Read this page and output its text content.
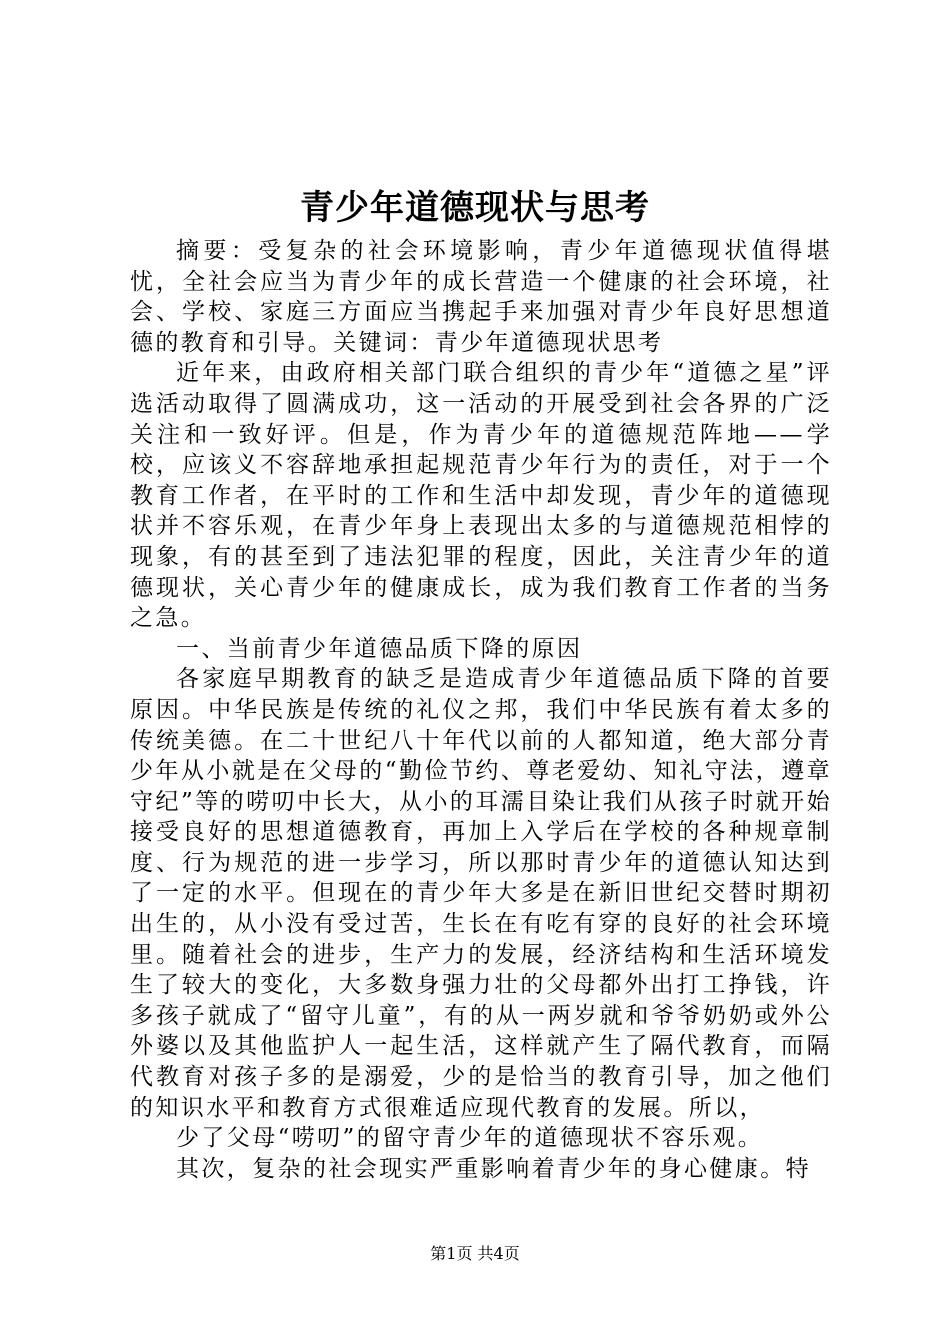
青少年道德现状与思考

摘要：受复杂的社会环境影响，青少年道德现状值得堪忧，全社会应当为青少年的成长营造一个健康的社会环境，社会、学校、家庭三方面应当携起手来加强对青少年良好思想道德的教育和引导。关键词：青少年道德现状思考

近年来，由政府相关部门联合组织的青少年“道德之星”评选活动取得了圆满成功，这一活动的开展受到社会各界的广泛关注和一致好评。但是，作为青少年的道德规范阵地——学校，应该义不容辞地承担起规范青少年行为的责任，对于一个教育工作者，在平时的工作和生活中却发现，青少年的道德现状并不容乐观，在青少年身上表现出太多的与道德规范相悖的现象，有的甚至到了违法犯罪的程度，因此，关注青少年的道德现状，关心青少年的健康成长，成为我们教育工作者的当务之急。

一、当前青少年道德品质下降的原因

各家庭早期教育的缺乏是造成青少年道德品质下降的首要原因。中华民族是传统的礼仪之邦，我们中华民族有着太多的传统美德。在二十世纪八十年代以前的人都知道，绝大部分青少年从小就是在父母的“勤俭节约、尊老爱幼、知礼守法，遵章守纪”等的唠叨中长大，从小的耳濡目染让我们从孩子时就开始接受良好的思想道德教育，再加上入学后在学校的各种规章制度、行为规范的进一步学习，所以那时青少年的道德认知达到了一定的水平。但现在的青少年大多是在新旧世纪交替时期初出生的，从小没有受过苦，生长在有吃有穿的良好的社会环境里。随着社会的进步，生产力的发展，经济结构和生活环境发生了较大的变化，大多数身强力壮的父母都外出打工挣钱，许多孩子就成了“留守儿童”，有的从一两岁就和爷爷奶奶或外公外婆以及其他监护人一起生活，这样就产生了隔代教育，而隔代教育对孩子多的是溺爱，少的是恰当的教育引导，加之他们的知识水平和教育方式很难适应现代教育的发展。所以，

少了父母“唠叨”的留守青少年的道德现状不容乐观。

其次，复杂的社会现实严重影响着青少年的身心健康。特

第1页 共4页
